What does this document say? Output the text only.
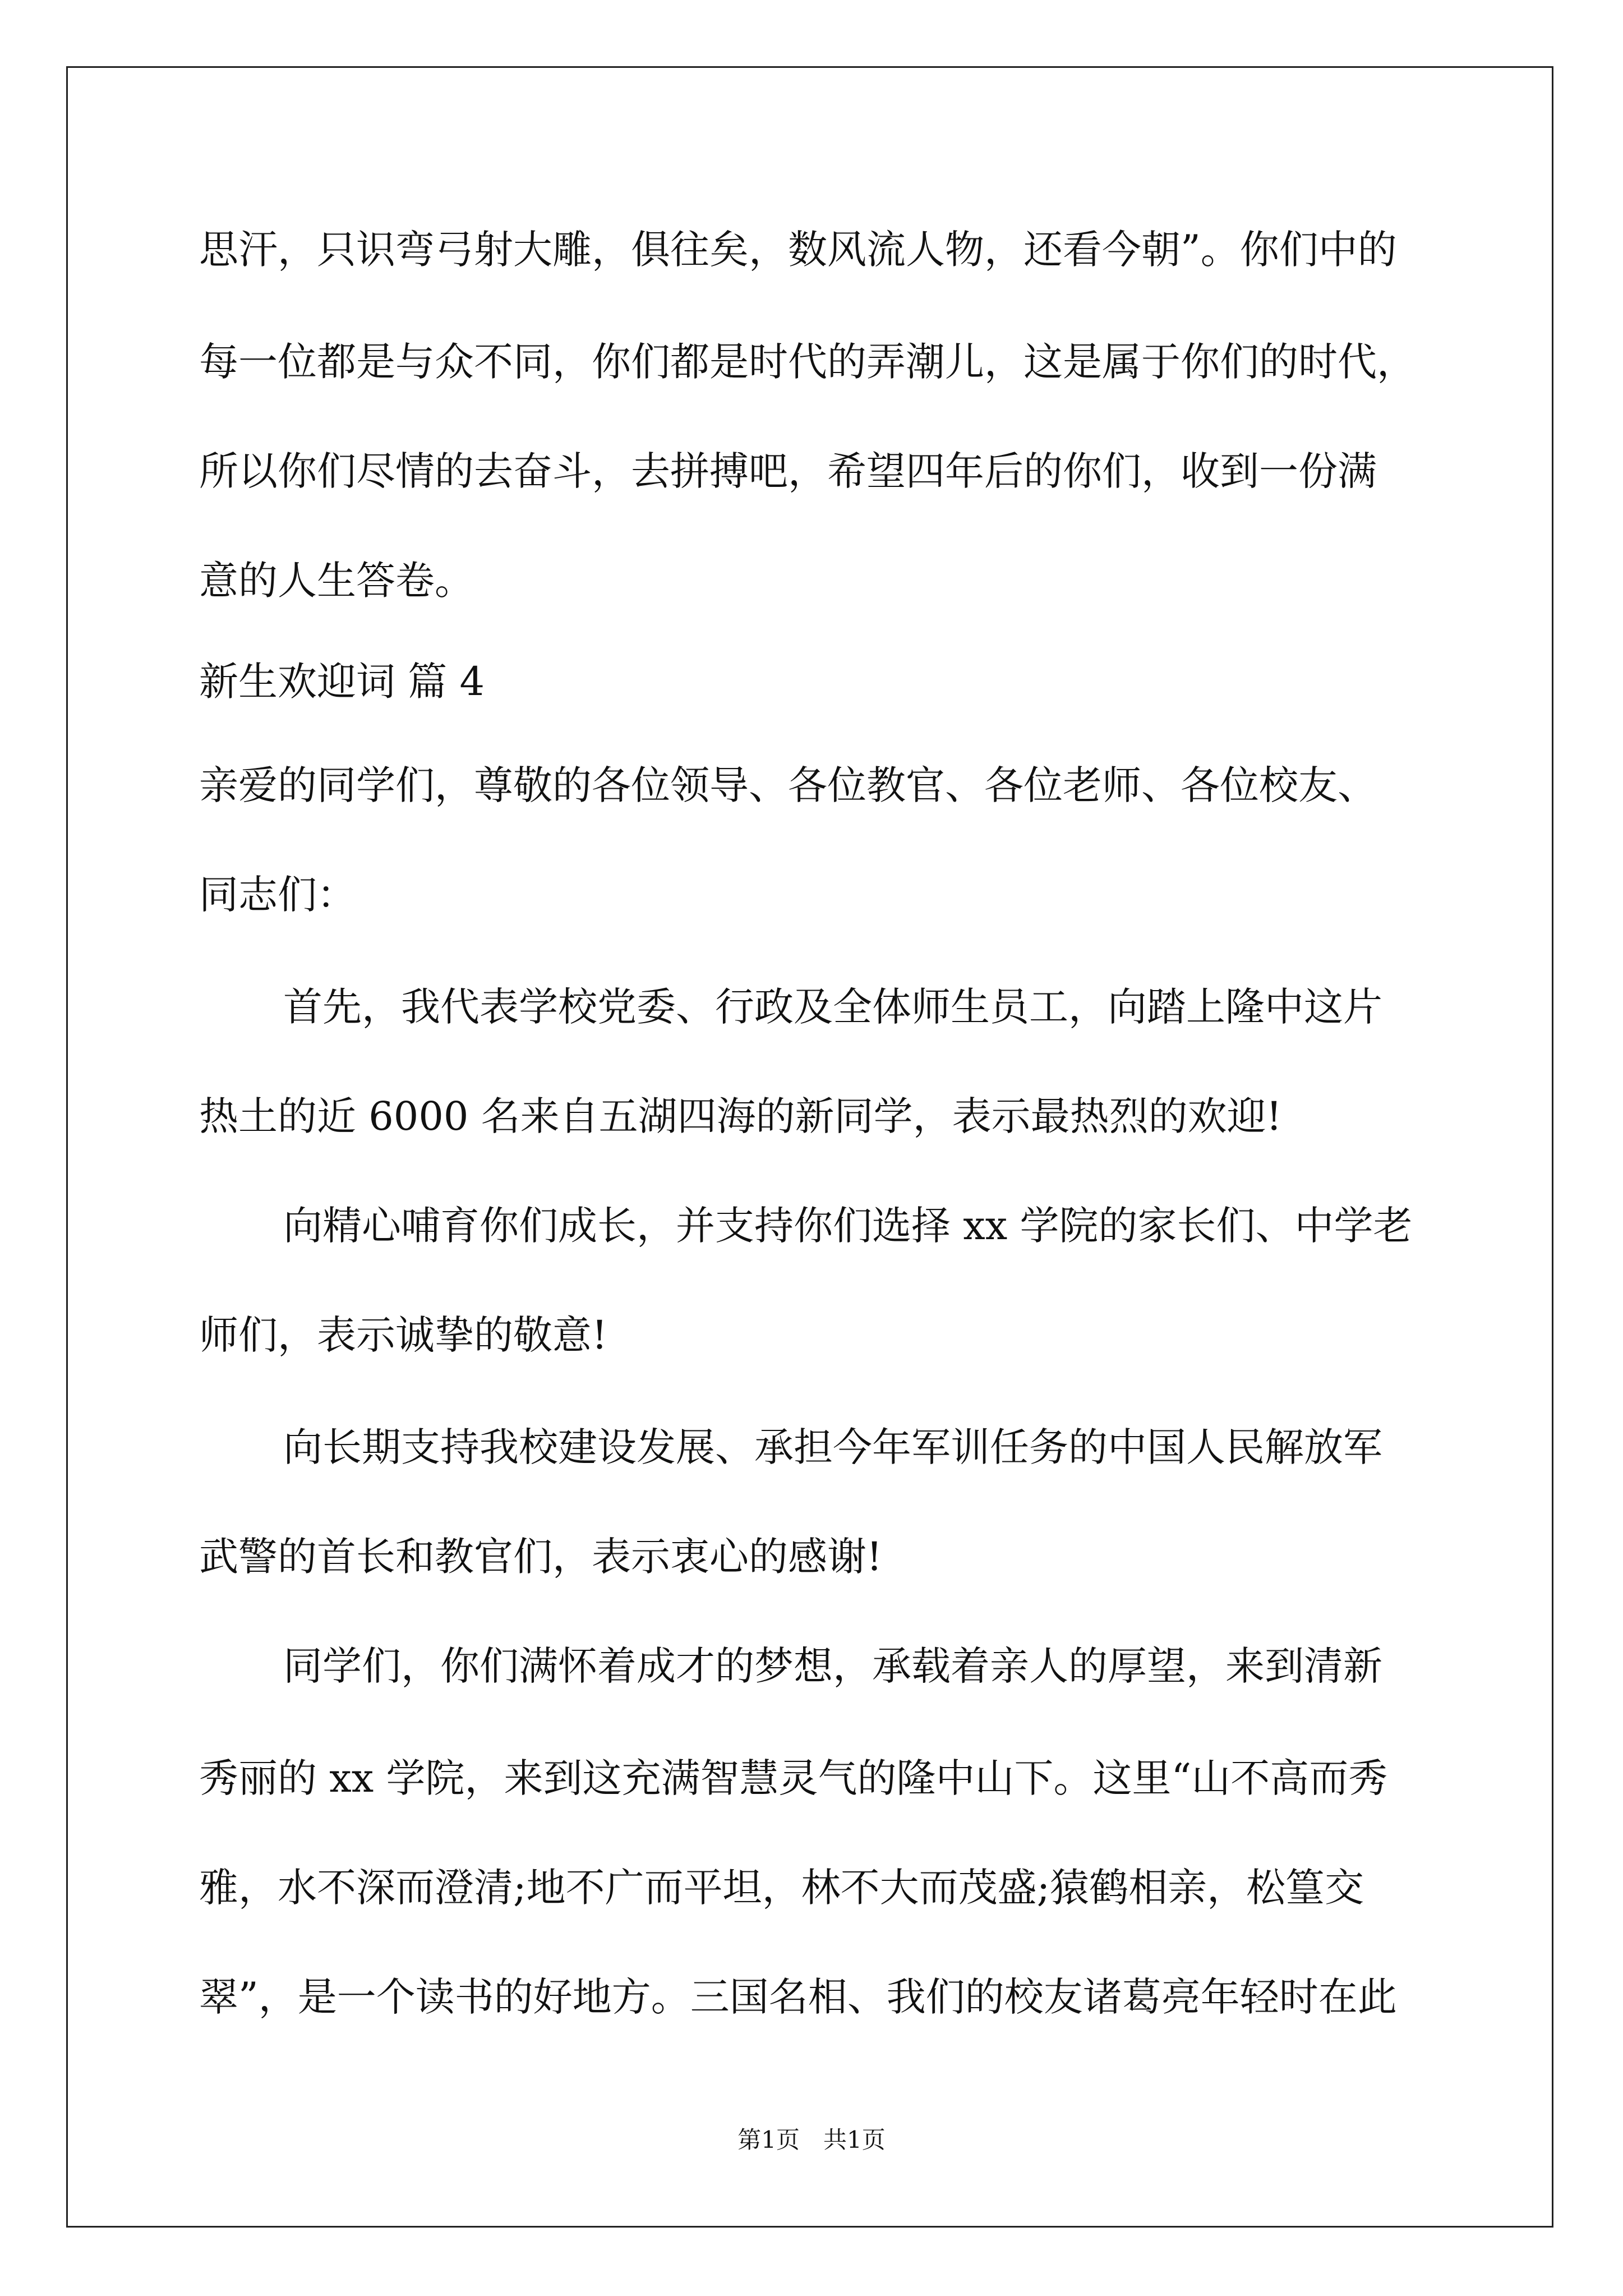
思汗，只识弯弓射大雕，俱往矣，数风流人物，还看今朝”。你们中的
每一位都是与众不同，你们都是时代的弄潮儿，这是属于你们的时代，
所以你们尽情的去奋斗，去拼搏吧，希望四年后的你们，收到一份满
意的人生答卷。
新生欢迎词 篇 4
亲爱的同学们，尊敬的各位领导、各位教官、各位老师、各位校友、
同志们：
首先，我代表学校党委、行政及全体师生员工，向踏上隆中这片
热土的近 6000 名来自五湖四海的新同学，表示最热烈的欢迎!
向精心哺育你们成长，并支持你们选择 xx 学院的家长们、中学老
师们，表示诚挚的敬意!
向长期支持我校建设发展、承担今年军训任务的中国人民解放军
武警的首长和教官们，表示衷心的感谢!
同学们，你们满怀着成才的梦想，承载着亲人的厚望，来到清新
秀丽的 xx 学院，来到这充满智慧灵气的隆中山下。这里“山不高而秀
雅，水不深而澄清;地不广而平坦，林不大而茂盛;猿鹤相亲，松篁交
翠”，是一个读书的好地方。三国名相、我们的校友诸葛亮年轻时在此
第1页　共1页
